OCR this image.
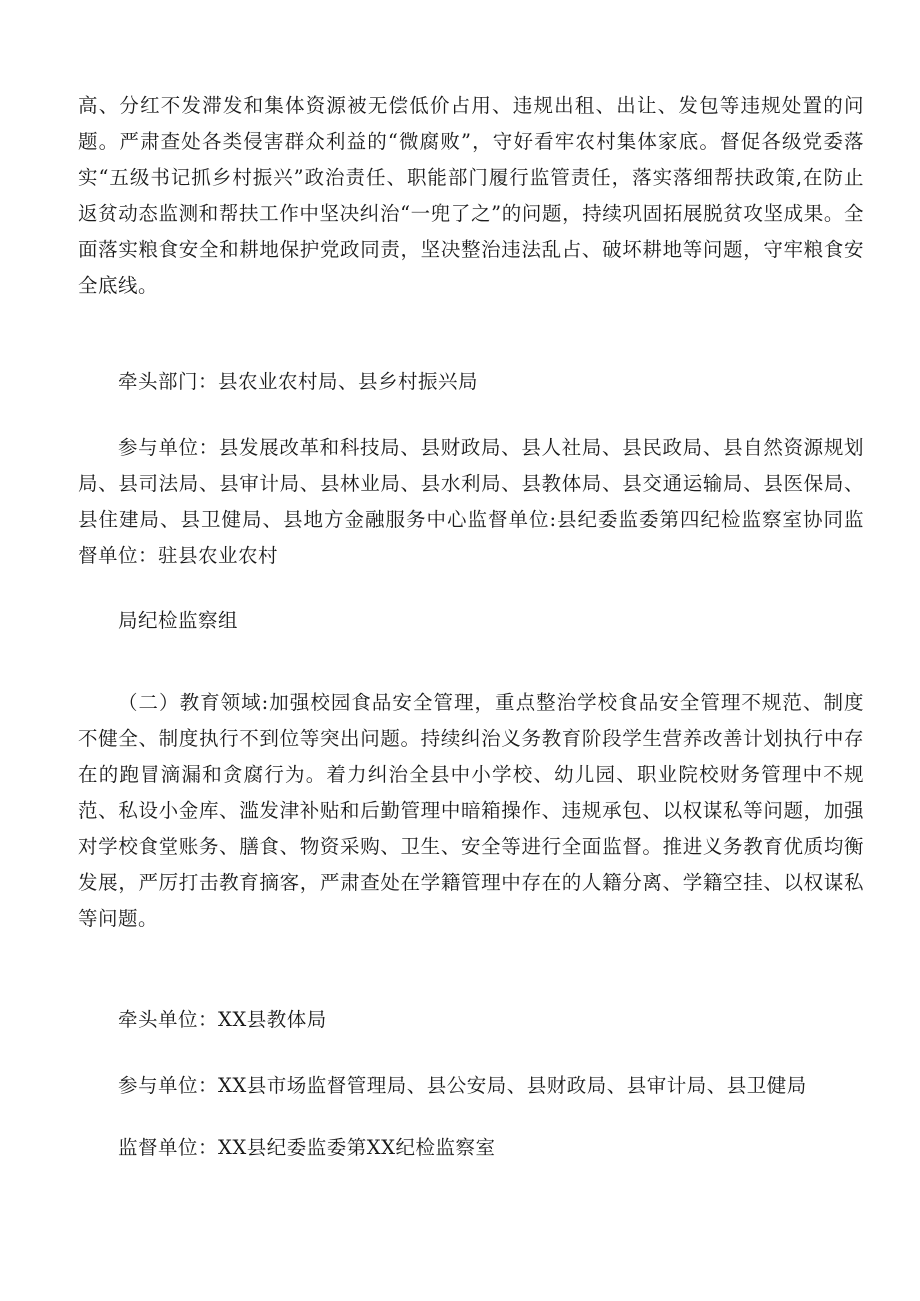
高、分红不发滞发和集体资源被无偿低价占用、违规出租、出让、发包等违规处置的问题。严肃查处各类侵害群众利益的“微腐败”，守好看牢农村集体家底。督促各级党委落实“五级书记抓乡村振兴”政治责任、职能部门履行监管责任，落实落细帮扶政策,在防止返贫动态监测和帮扶工作中坚决纠治“一兜了之”的问题，持续巩固拓展脱贫攻坚成果。全面落实粮食安全和耕地保护党政同责，坚决整治违法乱占、破坏耕地等问题，守牢粮食安全底线。

牵头部门：县农业农村局、县乡村振兴局

参与单位：县发展改革和科技局、县财政局、县人社局、县民政局、县自然资源规划局、县司法局、县审计局、县林业局、县水利局、县教体局、县交通运输局、县医保局、县住建局、县卫健局、县地方金融服务中心监督单位:县纪委监委第四纪检监察室协同监督单位：驻县农业农村

局纪检监察组

（二）教育领域:加强校园食品安全管理，重点整治学校食品安全管理不规范、制度不健全、制度执行不到位等突出问题。持续纠治义务教育阶段学生营养改善计划执行中存在的跑冒滴漏和贪腐行为。着力纠治全县中小学校、幼儿园、职业院校财务管理中不规范、私设小金库、滥发津补贴和后勤管理中暗箱操作、违规承包、以权谋私等问题，加强对学校食堂账务、膳食、物资采购、卫生、安全等进行全面监督。推进义务教育优质均衡发展，严厉打击教育摘客，严肃查处在学籍管理中存在的人籍分离、学籍空挂、以权谋私等问题。

牵头单位：XX县教体局

参与单位：XX县市场监督管理局、县公安局、县财政局、县审计局、县卫健局

监督单位：XX县纪委监委第XX纪检监察室
